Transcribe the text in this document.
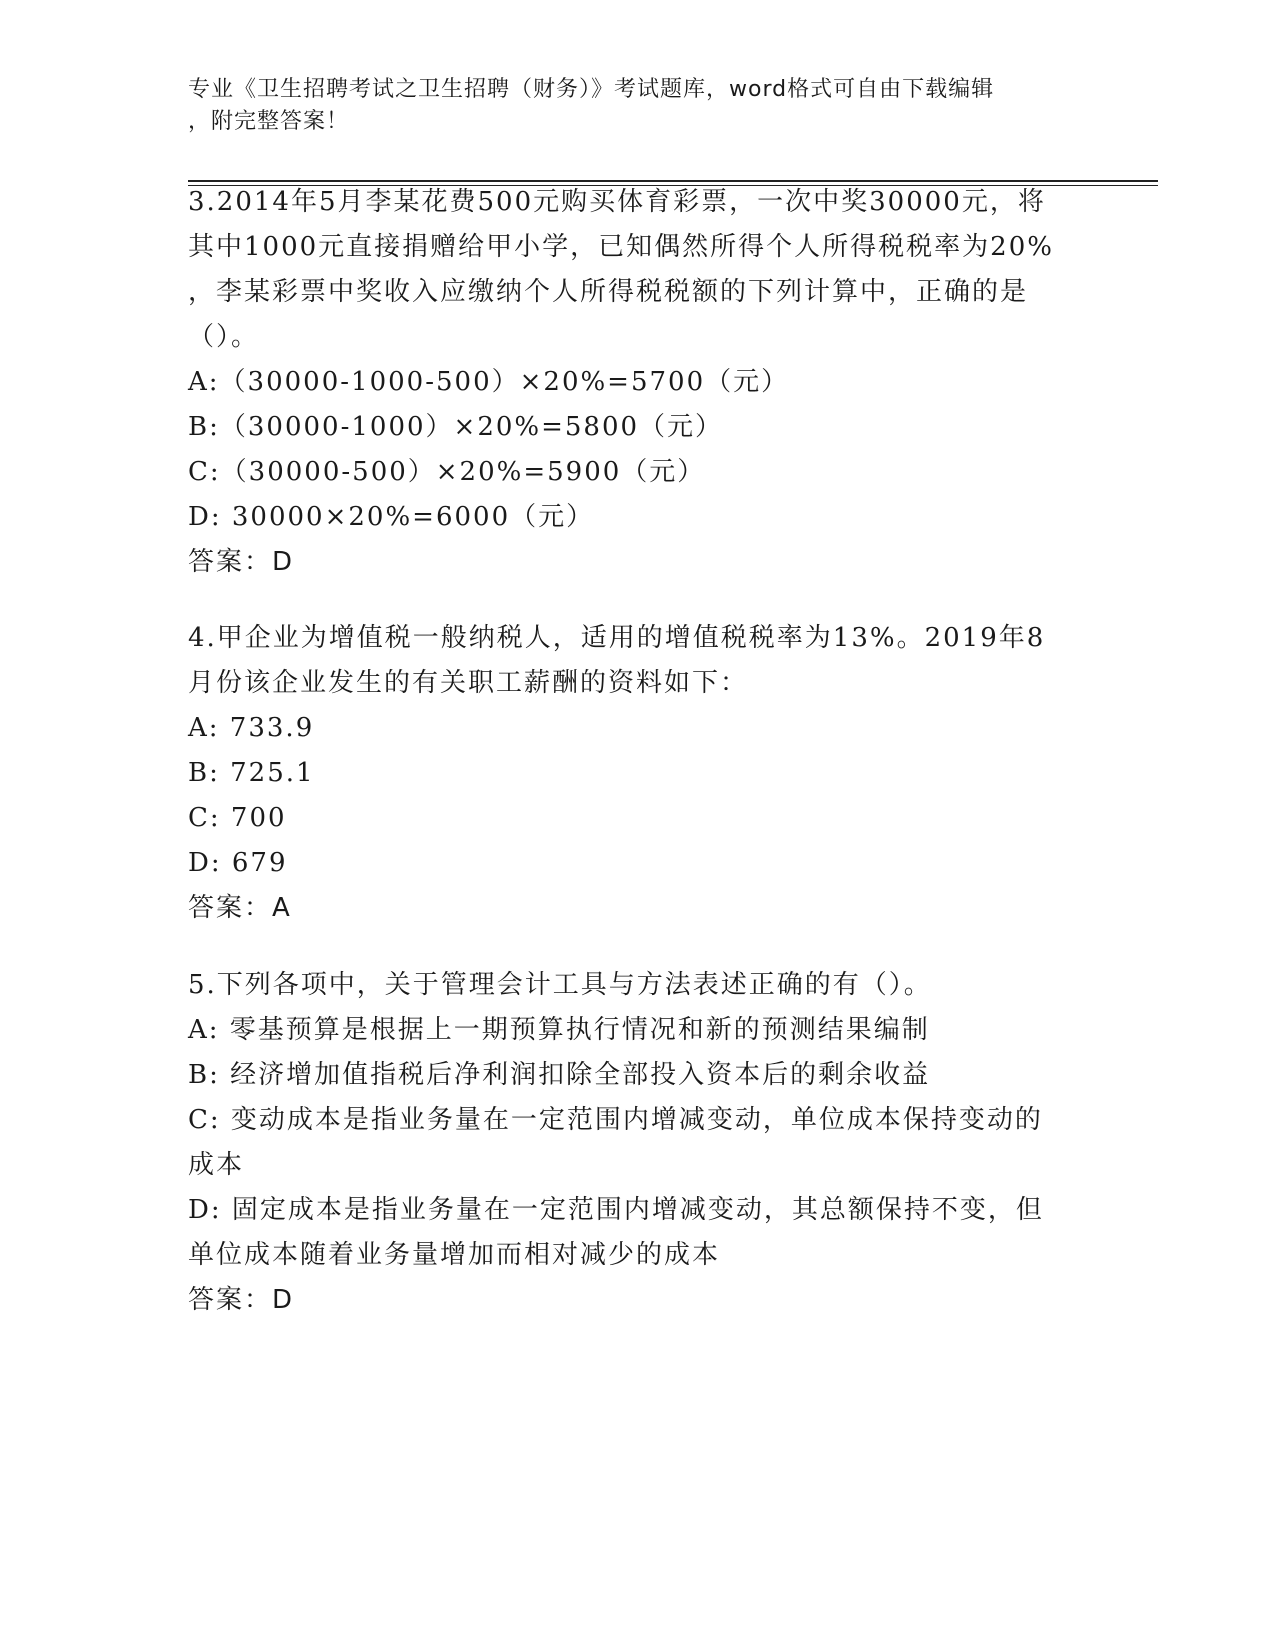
专业《卫生招聘考试之卫生招聘（财务）》考试题库，word格式可自由下载编辑
，附完整答案！
3.2014年5月李某花费500元购买体育彩票，一次中奖30000元，将
其中1000元直接捐赠给甲小学，已知偶然所得个人所得税税率为20%
，李某彩票中奖收入应缴纳个人所得税税额的下列计算中，正确的是
（）。
A:（30000-1000-500）×20%=5700（元）
B:（30000-1000）×20%=5800（元）
C:（30000-500）×20%=5900（元）
D: 30000×20%=6000（元）
答案：D
4.甲企业为增值税一般纳税人，适用的增值税税率为13%。2019年8
月份该企业发生的有关职工薪酬的资料如下：
A: 733.9
B: 725.1
C: 700
D: 679
答案：A
5.下列各项中，关于管理会计工具与方法表述正确的有（）。
A: 零基预算是根据上一期预算执行情况和新的预测结果编制
B: 经济增加值指税后净利润扣除全部投入资本后的剩余收益
C: 变动成本是指业务量在一定范围内增减变动，单位成本保持变动的
成本
D: 固定成本是指业务量在一定范围内增减变动，其总额保持不变，但
单位成本随着业务量增加而相对减少的成本
答案：D
